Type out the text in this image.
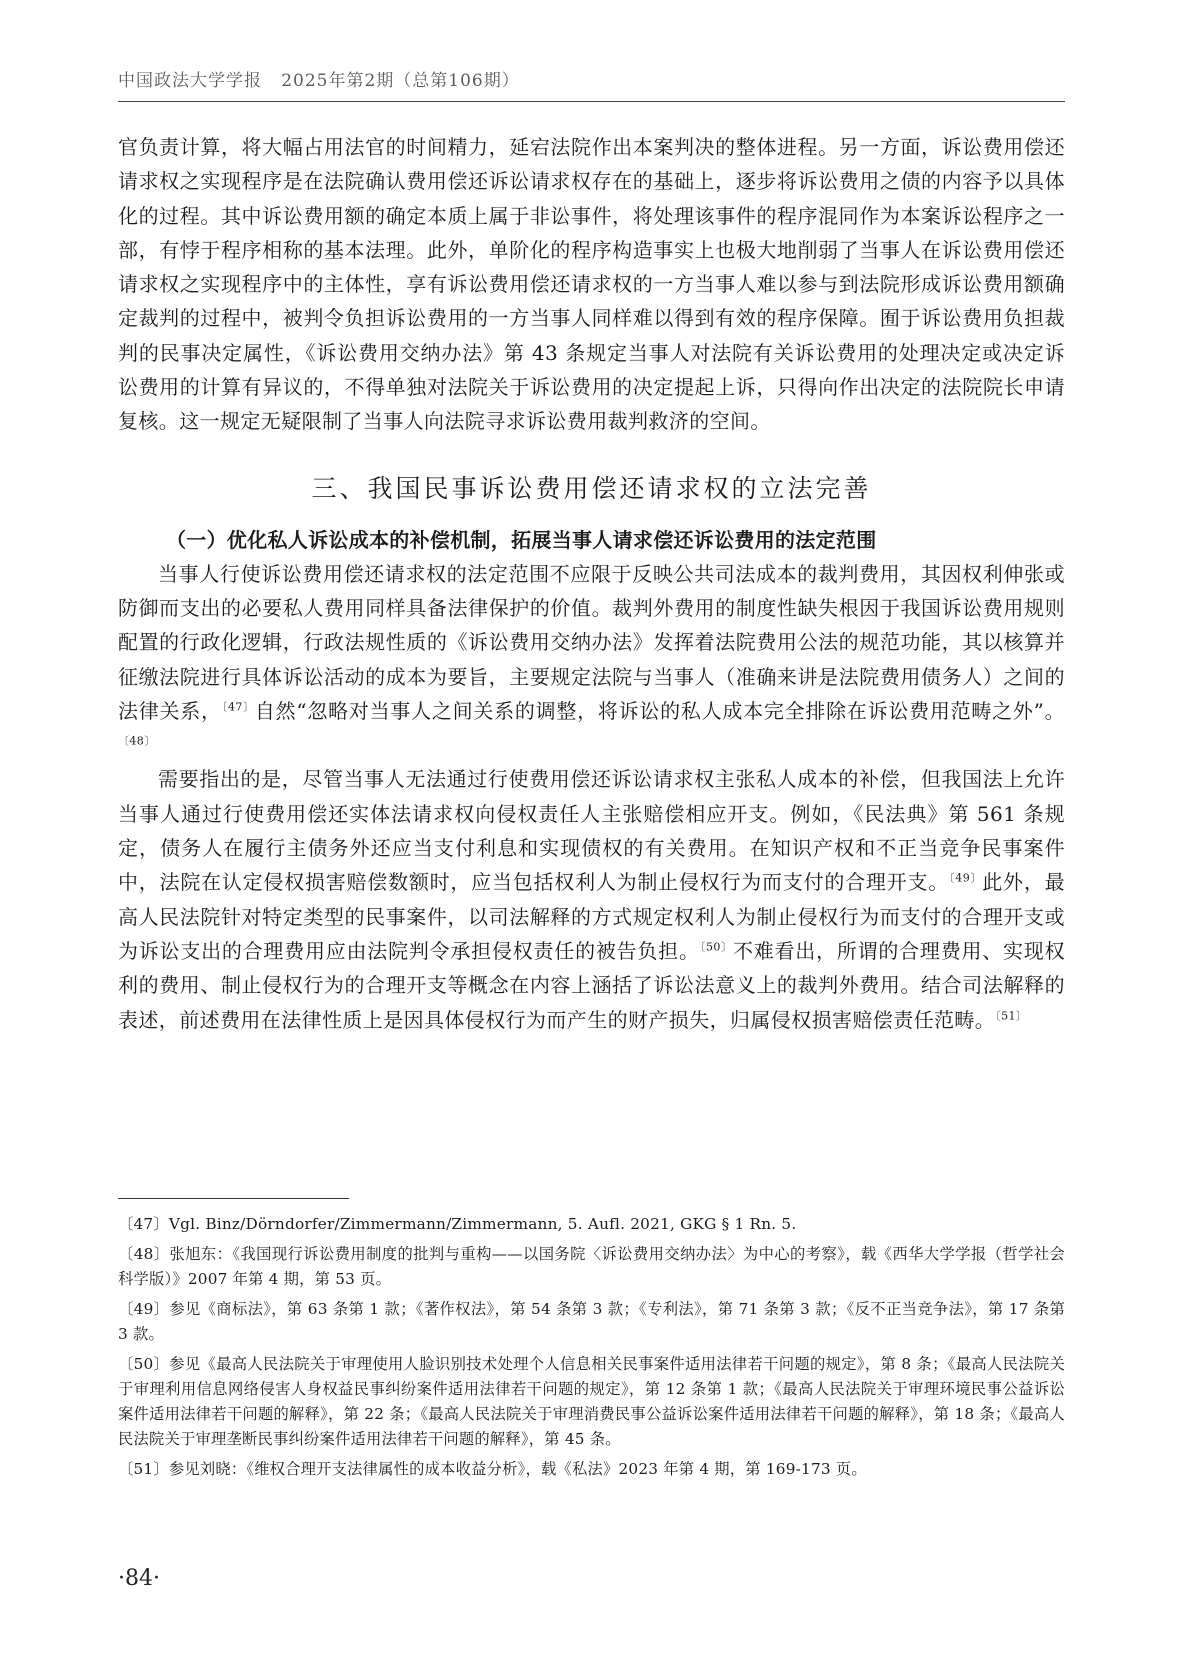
中国政法大学学报 2025年第2期（总第106期）

官负责计算，将大幅占用法官的时间精力，延宕法院作出本案判决的整体进程。另一方面，诉讼费用偿还请求权之实现程序是在法院确认费用偿还诉讼请求权存在的基础上，逐步将诉讼费用之债的内容予以具体化的过程。其中诉讼费用额的确定本质上属于非讼事件，将处理该事件的程序混同作为本案诉讼程序之一部，有悖于程序相称的基本法理。此外，单阶化的程序构造事实上也极大地削弱了当事人在诉讼费用偿还请求权之实现程序中的主体性，享有诉讼费用偿还请求权的一方当事人难以参与到法院形成诉讼费用额确定裁判的过程中，被判令负担诉讼费用的一方当事人同样难以得到有效的程序保障。囿于诉讼费用负担裁判的民事决定属性，《诉讼费用交纳办法》第 43 条规定当事人对法院有关诉讼费用的处理决定或决定诉讼费用的计算有异议的，不得单独对法院关于诉讼费用的决定提起上诉，只得向作出决定的法院院长申请复核。这一规定无疑限制了当事人向法院寻求诉讼费用裁判救济的空间。

三、我国民事诉讼费用偿还请求权的立法完善
（一）优化私人诉讼成本的补偿机制，拓展当事人请求偿还诉讼费用的法定范围

当事人行使诉讼费用偿还请求权的法定范围不应限于反映公共司法成本的裁判费用，其因权利伸张或防御而支出的必要私人费用同样具备法律保护的价值。裁判外费用的制度性缺失根因于我国诉讼费用规则配置的行政化逻辑，行政法规性质的《诉讼费用交纳办法》发挥着法院费用公法的规范功能，其以核算并征缴法院进行具体诉讼活动的成本为要旨，主要规定法院与当事人（准确来讲是法院费用债务人）之间的法律关系，$^{〔47〕}$自然“忽略对当事人之间关系的调整，将诉讼的私人成本完全排除在诉讼费用范畴之外”。$^{〔48〕}$

需要指出的是，尽管当事人无法通过行使费用偿还诉讼请求权主张私人成本的补偿，但我国法上允许当事人通过行使费用偿还实体法请求权向侵权责任人主张赔偿相应开支。例如，《民法典》第 561 条规定，债务人在履行主债务外还应当支付利息和实现债权的有关费用。在知识产权和不正当竞争民事案件中，法院在认定侵权损害赔偿数额时，应当包括权利人为制止侵权行为而支付的合理开支。$^{〔49〕}$此外，最高人民法院针对特定类型的民事案件，以司法解释的方式规定权利人为制止侵权行为而支付的合理开支或为诉讼支出的合理费用应由法院判令承担侵权责任的被告负担。$^{〔50〕}$不难看出，所谓的合理费用、实现权利的费用、制止侵权行为的合理开支等概念在内容上涵括了诉讼法意义上的裁判外费用。结合司法解释的表述，前述费用在法律性质上是因具体侵权行为而产生的财产损失，归属侵权损害赔偿责任范畴。$^{〔51〕}$

〔47〕Vgl. Binz/Dörndorfer/Zimmermann/Zimmermann, 5. Aufl. 2021, GKG § 1 Rn. 5.

〔48〕张旭东：《我国现行诉讼费用制度的批判与重构——以国务院〈诉讼费用交纳办法〉为中心的考察》，载《西华大学学报（哲学社会科学版）》2007 年第 4 期，第 53 页。

〔49〕参见《商标法》，第 63 条第 1 款；《著作权法》，第 54 条第 3 款；《专利法》，第 71 条第 3 款；《反不正当竞争法》，第 17 条第 3 款。

〔50〕参见《最高人民法院关于审理使用人脸识别技术处理个人信息相关民事案件适用法律若干问题的规定》，第 8 条；《最高人民法院关于审理利用信息网络侵害人身权益民事纠纷案件适用法律若干问题的规定》，第 12 条第 1 款；《最高人民法院关于审理环境民事公益诉讼案件适用法律若干问题的解释》，第 22 条；《最高人民法院关于审理消费民事公益诉讼案件适用法律若干问题的解释》，第 18 条；《最高人民法院关于审理垄断民事纠纷案件适用法律若干问题的解释》，第 45 条。

〔51〕参见刘晓：《维权合理开支法律属性的成本收益分析》，载《私法》2023 年第 4 期，第 169-173 页。

·84·
